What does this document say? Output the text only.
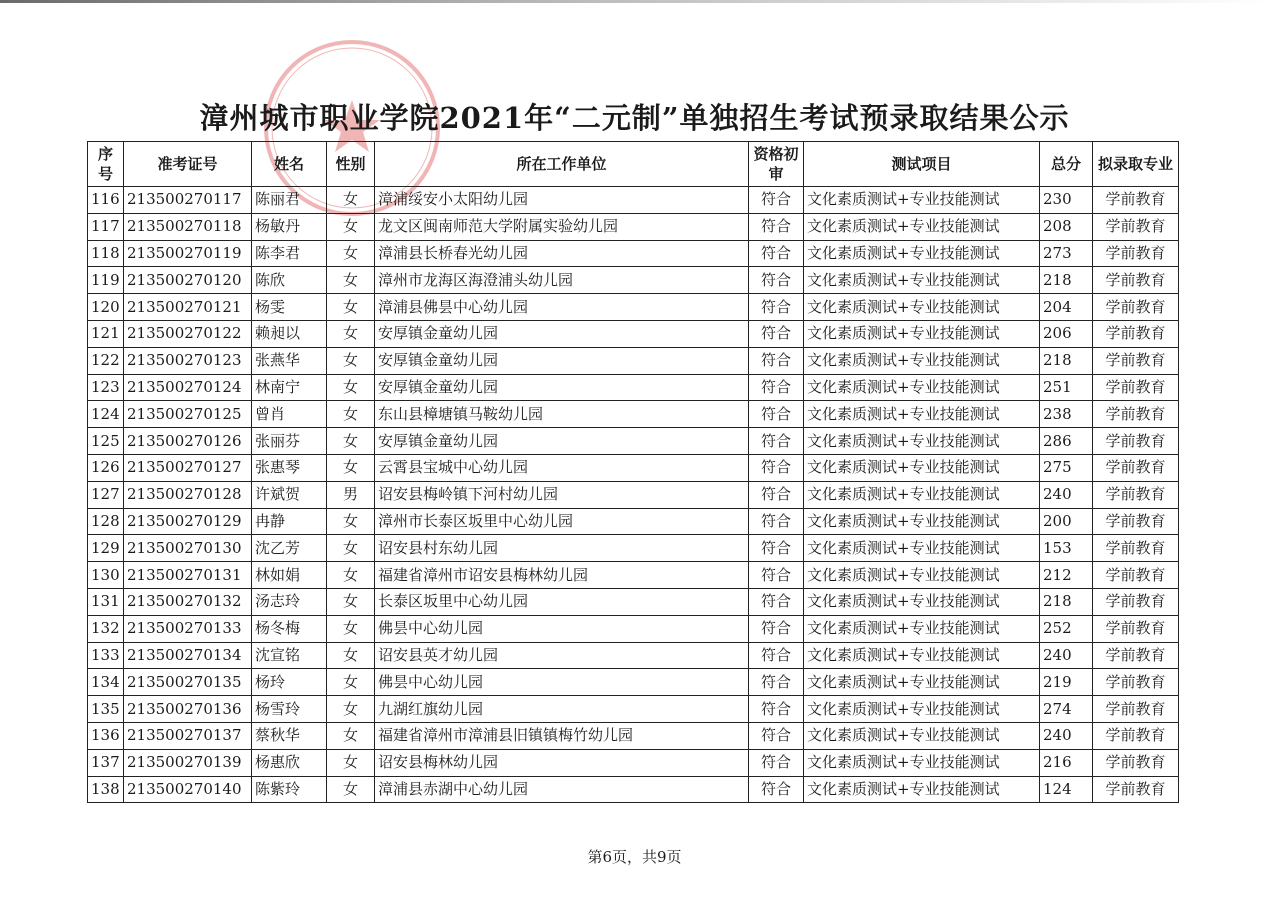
漳州城市职业学院2021年“二元制”单独招生考试预录取结果公示
序号	准考证号	姓名	性别	所在工作单位	资格初审	测试项目	总分	拟录取专业
116	213500270117	陈丽君	女	漳浦绥安小太阳幼儿园	符合	文化素质测试+专业技能测试	230	学前教育
117	213500270118	杨敏丹	女	龙文区闽南师范大学附属实验幼儿园	符合	文化素质测试+专业技能测试	208	学前教育
118	213500270119	陈李君	女	漳浦县长桥春光幼儿园	符合	文化素质测试+专业技能测试	273	学前教育
119	213500270120	陈欣	女	漳州市龙海区海澄浦头幼儿园	符合	文化素质测试+专业技能测试	218	学前教育
120	213500270121	杨雯	女	漳浦县佛昙中心幼儿园	符合	文化素质测试+专业技能测试	204	学前教育
121	213500270122	赖昶以	女	安厚镇金童幼儿园	符合	文化素质测试+专业技能测试	206	学前教育
122	213500270123	张燕华	女	安厚镇金童幼儿园	符合	文化素质测试+专业技能测试	218	学前教育
123	213500270124	林南宁	女	安厚镇金童幼儿园	符合	文化素质测试+专业技能测试	251	学前教育
124	213500270125	曾肖	女	东山县樟塘镇马鞍幼儿园	符合	文化素质测试+专业技能测试	238	学前教育
125	213500270126	张丽芬	女	安厚镇金童幼儿园	符合	文化素质测试+专业技能测试	286	学前教育
126	213500270127	张惠琴	女	云霄县宝城中心幼儿园	符合	文化素质测试+专业技能测试	275	学前教育
127	213500270128	许斌贺	男	诏安县梅岭镇下河村幼儿园	符合	文化素质测试+专业技能测试	240	学前教育
128	213500270129	冉静	女	漳州市长泰区坂里中心幼儿园	符合	文化素质测试+专业技能测试	200	学前教育
129	213500270130	沈乙芳	女	诏安县村东幼儿园	符合	文化素质测试+专业技能测试	153	学前教育
130	213500270131	林如娟	女	福建省漳州市诏安县梅林幼儿园	符合	文化素质测试+专业技能测试	212	学前教育
131	213500270132	汤志玲	女	长泰区坂里中心幼儿园	符合	文化素质测试+专业技能测试	218	学前教育
132	213500270133	杨冬梅	女	佛昙中心幼儿园	符合	文化素质测试+专业技能测试	252	学前教育
133	213500270134	沈宣铭	女	诏安县英才幼儿园	符合	文化素质测试+专业技能测试	240	学前教育
134	213500270135	杨玲	女	佛昙中心幼儿园	符合	文化素质测试+专业技能测试	219	学前教育
135	213500270136	杨雪玲	女	九湖红旗幼儿园	符合	文化素质测试+专业技能测试	274	学前教育
136	213500270137	蔡秋华	女	福建省漳州市漳浦县旧镇镇梅竹幼儿园	符合	文化素质测试+专业技能测试	240	学前教育
137	213500270139	杨惠欣	女	诏安县梅林幼儿园	符合	文化素质测试+专业技能测试	216	学前教育
138	213500270140	陈紫玲	女	漳浦县赤湖中心幼儿园	符合	文化素质测试+专业技能测试	124	学前教育
第6页，共9页
